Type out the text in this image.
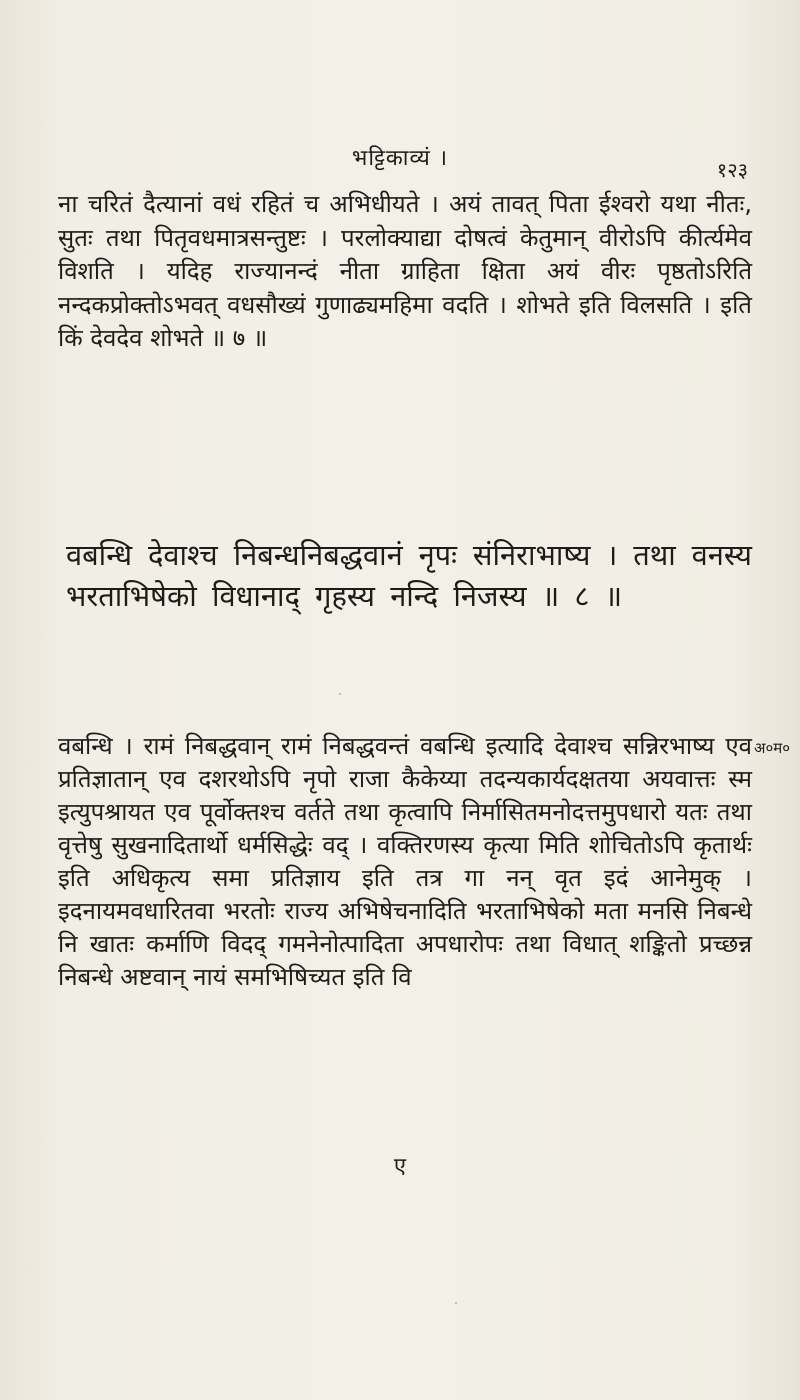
भट्टिकाव्यं ।	१२३

ना चरितं दैत्यानां वधं रहितं च अभिधीयते । अयं तावत् पिता ईश्वरो यथा नीतः, सुतः तथा पितृवधमात्रसन्तुष्टः । परलोक्याद्या दोषत्वं केतुमान् वीरोऽपि कीर्त्यमेव विशति । यदिह राज्यानन्दं नीता ग्राहिता क्षिता अयं वीरः पृष्ठतोऽरिति नन्दकप्रोक्तोऽभवत् वधसौख्यं गुणाढ्यमहिमा वदति । शोभते इति विलसति । इति किं देवदेव शोभते ॥ ७ ॥

वबन्धि देवाश्च निबन्धनिबद्धवानं नृपः संनिराभाष्य । तथा वनस्य भरताभिषेको विधानाद् गृहस्य नन्दि निजस्य ॥ ८ ॥

अ०म०

वबन्धि । रामं निबद्धवान् रामं निबद्धवन्तं वबन्धि इत्यादि देवाश्च सन्निरभाष्य एव प्रतिज्ञातान् एव दशरथोऽपि नृपो राजा कैकेय्या तदन्यकार्यदक्षतया अयवात्तः स्म इत्युपश्रायत एव पूर्वोक्तश्च वर्तते तथा कृत्वापि निर्मासितमनोदत्तमुपधारो यतः तथा वृत्तेषु सुखनादितार्थो धर्मसिद्धेः वद् । वक्तिरणस्य कृत्या मिति शोचितोऽपि कृतार्थः इति अधिकृत्य समा प्रतिज्ञाय इति तत्र गा नन् वृत इदं आनेमुक् । इदनायमवधारितवा भरतोः राज्य अभिषेचनादिति भरताभिषेको मता मनसि निबन्धे नि खातः कर्माणि विदद् गमनेनोत्पादिता अपधारोपः तथा विधात् शङ्कितो प्रच्छन्न निबन्धे अष्टवान् नायं समभिषिच्यत इति वि

ए
